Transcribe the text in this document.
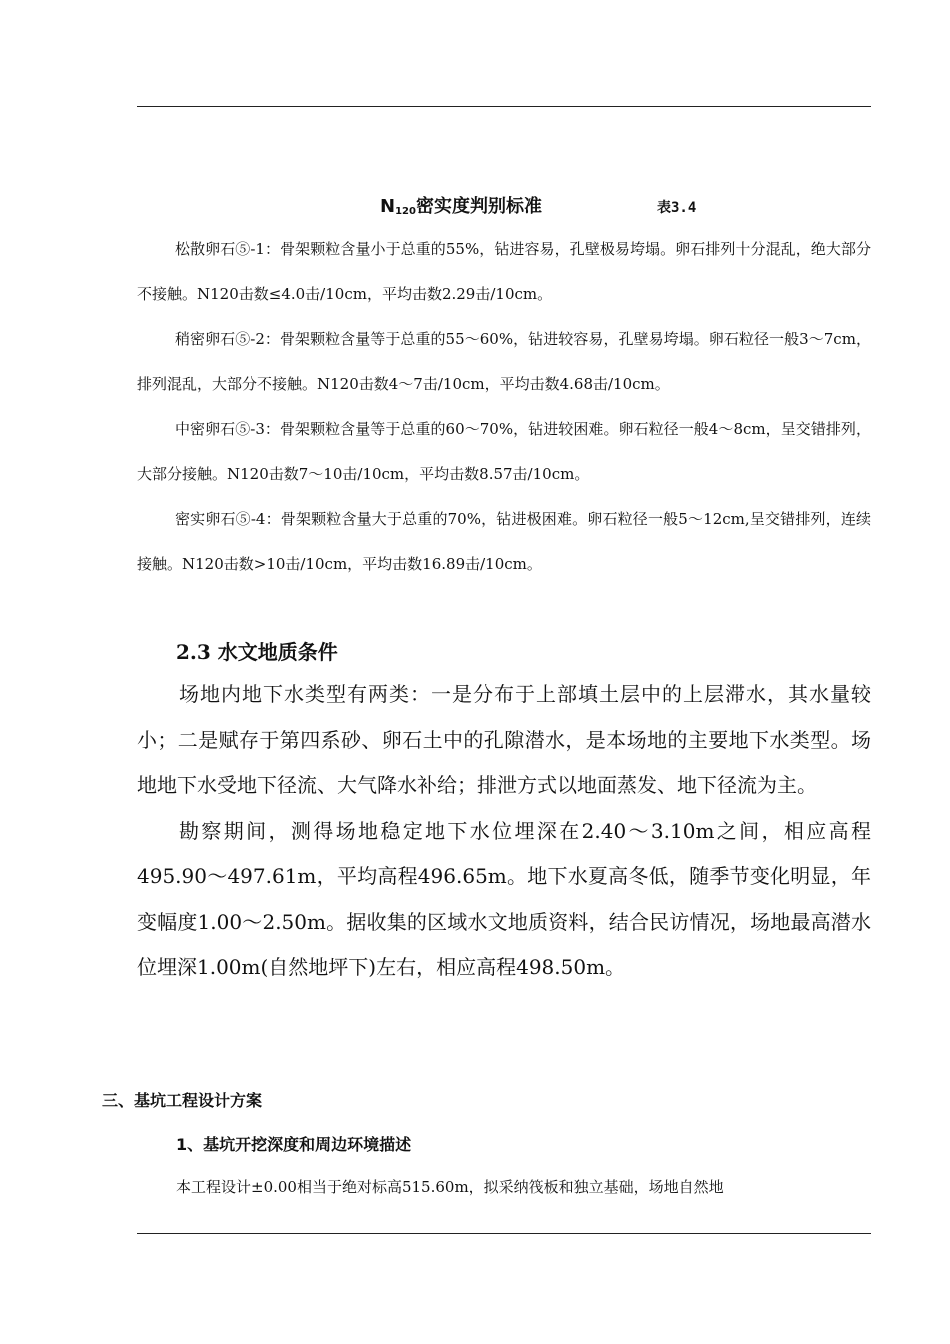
$N_{120}$密实度判别标准	表3.4

松散卵石⑤-1：骨架颗粒含量小于总重的55%，钻进容易，孔壁极易垮塌。卵石排列十分混乱，绝大部分不接触。N120击数≤4.0击/10cm，平均击数2.29击/10cm。

稍密卵石⑤-2：骨架颗粒含量等于总重的55～60%，钻进较容易，孔壁易垮塌。卵石粒径一般3～7cm，排列混乱，大部分不接触。N120击数4～7击/10cm，平均击数4.68击/10cm。

中密卵石⑤-3：骨架颗粒含量等于总重的60～70%，钻进较困难。卵石粒径一般4～8cm，呈交错排列，大部分接触。N120击数7～10击/10cm，平均击数8.57击/10cm。

密实卵石⑤-4：骨架颗粒含量大于总重的70%，钻进极困难。卵石粒径一般5～12cm,呈交错排列，连续接触。N120击数>10击/10cm，平均击数16.89击/10cm。

2.3 水文地质条件

场地内地下水类型有两类：一是分布于上部填土层中的上层滞水，其水量较小；二是赋存于第四系砂、卵石土中的孔隙潜水，是本场地的主要地下水类型。场地地下水受地下径流、大气降水补给；排泄方式以地面蒸发、地下径流为主。

勘察期间，测得场地稳定地下水位埋深在2.40～3.10m之间，相应高程495.90～497.61m，平均高程496.65m。地下水夏高冬低，随季节变化明显，年变幅度1.00～2.50m。据收集的区域水文地质资料，结合民访情况，场地最高潜水位埋深1.00m(自然地坪下)左右，相应高程498.50m。

三、基坑工程设计方案
1、基坑开挖深度和周边环境描述
本工程设计±0.00相当于绝对标高515.60m，拟采纳筏板和独立基础，场地自然地
